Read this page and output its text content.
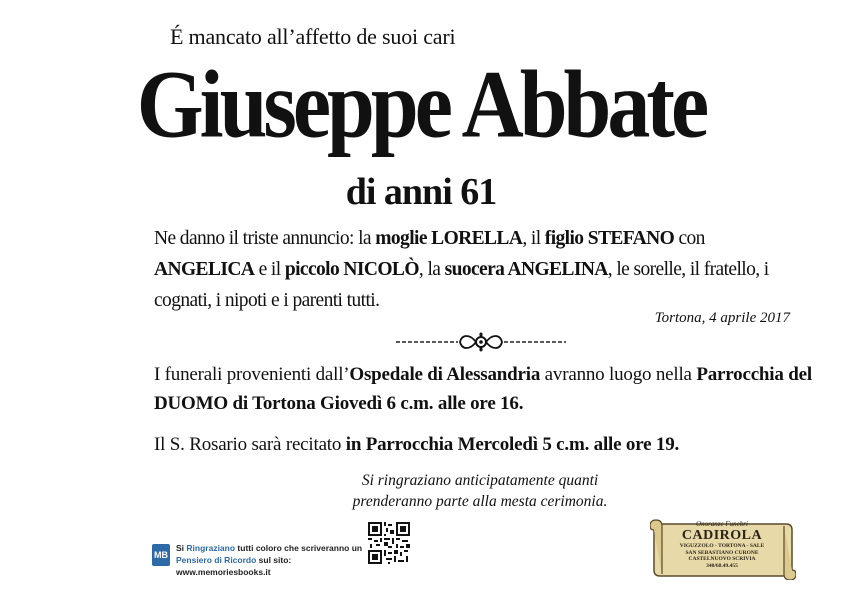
É mancato all’affetto de suoi cari
Giuseppe Abbate
di anni 61
Ne danno il triste annuncio: la moglie LORELLA, il figlio STEFANO con ANGELICA e il piccolo NICOLÒ, la suocera ANGELINA, le sorelle, il fratello, i cognati, i nipoti e i parenti tutti.
Tortona, 4 aprile 2017
I funerali provenienti dall’Ospedale di Alessandria avranno luogo nella Parrocchia del DUOMO di Tortona Giovedì 6 c.m. alle ore 16.
Il S. Rosario sarà recitato in Parrocchia Mercoledì 5 c.m. alle ore 19.
Si ringraziano anticipatamente quanti
prenderanno parte alla mesta cerimonia.
MB
Si Ringraziano tutti coloro che scriveranno un
Pensiero di Ricordo sul sito: www.memoriesbooks.it
Onoranze Funebri
CADIROLA
VIGUZZOLO - TORTONA - SALE
SAN SEBASTIANO CURONE
CASTELNUOVO SCRIVIA
340/68.49.455
